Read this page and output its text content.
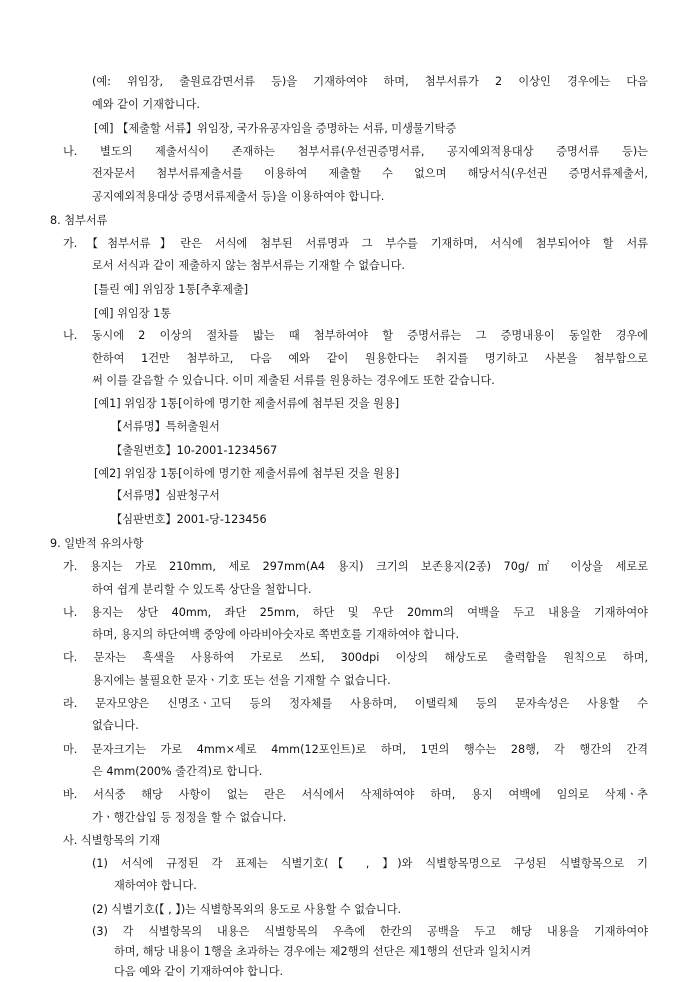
(예: 위임장, 출원료감면서류 등)을 기재하여야 하며, 첨부서류가 2 이상인 경우에는 다음
예와 같이 기재합니다.
[예] 【제출할 서류】위임장, 국가유공자임을 증명하는 서류, 미생물기탁증
나. 별도의 제출서식이 존재하는 첨부서류(우선권증명서류, 공지예외적용대상 증명서류 등)는
전자문서 첨부서류제출서를 이용하여 제출할 수 없으며 해당서식(우선권 증명서류제출서,
공지예외적용대상 증명서류제출서 등)을 이용하여야 합니다.
8. 첨부서류
가.【첨부서류】란은 서식에 첨부된 서류명과 그 부수를 기재하며, 서식에 첨부되어야 할 서류
로서 서식과 같이 제출하지 않는 첨부서류는 기재할 수 없습니다.
[틀린 예] 위임장 1통[추후제출]
[예] 위임장 1통
나. 동시에 2 이상의 절차를 밟는 때 첨부하여야 할 증명서류는 그 증명내용이 동일한 경우에
한하여 1건만 첨부하고, 다음 예와 같이 원용한다는 취지를 명기하고 사본을 첨부함으로
써 이를 갈음할 수 있습니다. 이미 제출된 서류를 원용하는 경우에도 또한 같습니다.
[예1] 위임장 1통[이하에 명기한 제출서류에 첨부된 것을 원용]
【서류명】특허출원서
【출원번호】10-2001-1234567
[예2] 위임장 1통[이하에 명기한 제출서류에 첨부된 것을 원용]
【서류명】심판청구서
【심판번호】2001-당-123456
9. 일반적 유의사항
가. 용지는 가로 210mm, 세로 297mm(A4 용지) 크기의 보존용지(2종) 70g/㎡ 이상을 세로로
하여 쉽게 분리할 수 있도록 상단을 철합니다.
나. 용지는 상단 40mm, 좌단 25mm, 하단 및 우단 20mm의 여백을 두고 내용을 기재하여야
하며, 용지의 하단여백 중앙에 아라비아숫자로 쪽번호를 기재하여야 합니다.
다. 문자는 흑색을 사용하여 가로로 쓰되, 300dpi 이상의 해상도로 출력함을 원칙으로 하며,
용지에는 불필요한 문자ㆍ기호 또는 선을 기재할 수 없습니다.
라. 문자모양은 신명조ㆍ고딕 등의 정자체를 사용하며, 이탤릭체 등의 문자속성은 사용할 수
없습니다.
마. 문자크기는 가로 4mm×세로 4mm(12포인트)로 하며, 1면의 행수는 28행, 각 행간의 간격
은 4mm(200% 줄간격)로 합니다.
바. 서식중 해당 사항이 없는 란은 서식에서 삭제하여야 하며, 용지 여백에 임의로 삭제ㆍ추
가ㆍ행간삽입 등 정정을 할 수 없습니다.
사. 식별항목의 기재
(1) 서식에 규정된 각 표제는 식별기호(【 , 】)와 식별항목명으로 구성된 식별항목으로 기
재하여야 합니다.
(2) 식별기호(【 , 】)는 식별항목외의 용도로 사용할 수 없습니다.
(3) 각 식별항목의 내용은 식별항목의 우측에 한칸의 공백을 두고 해당 내용을 기재하여야
하며, 해당 내용이 1행을 초과하는 경우에는 제2행의 선단은 제1행의 선단과 일치시켜
다음 예와 같이 기재하여야 합니다.
